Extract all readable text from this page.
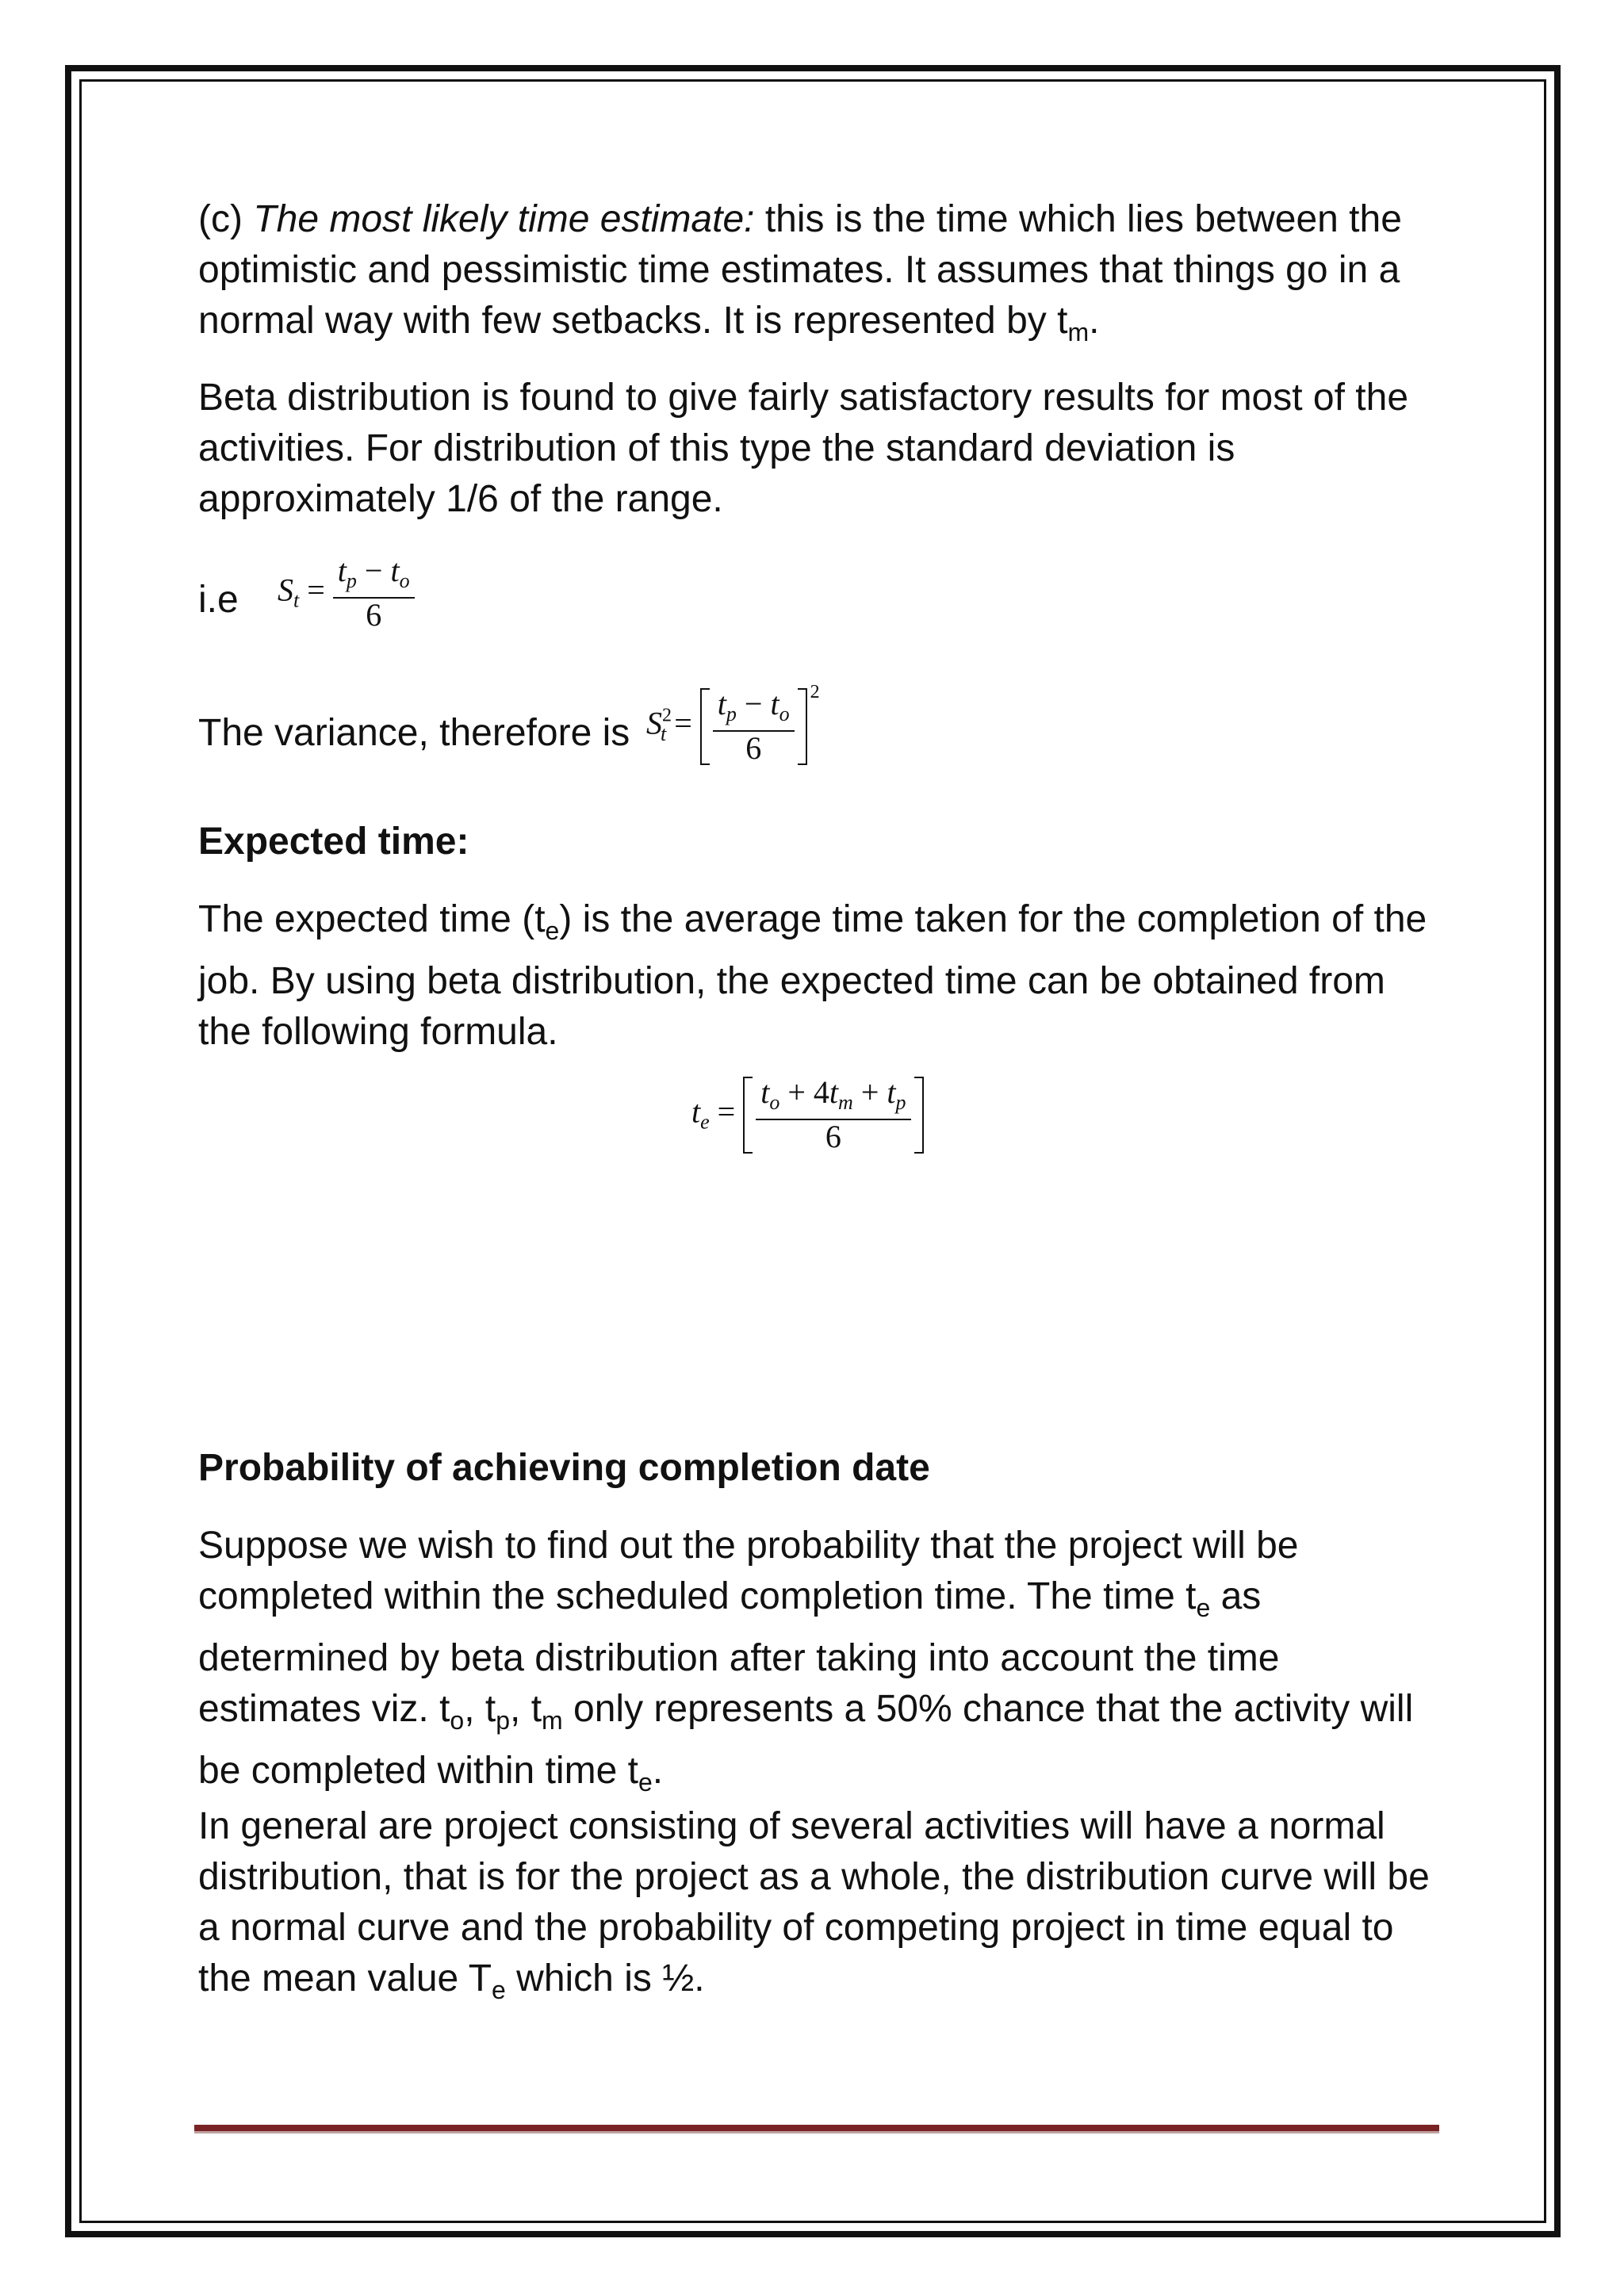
(c) The most likely time estimate: this is the time which lies between the optimistic and pessimistic time estimates. It assumes that things go in a normal way with few setbacks. It is represented by $t_m$.

Beta distribution is found to give fairly satisfactory results for most of the activities. For distribution of this type the standard deviation is approximately 1/6 of the range.

i.e $S_t = \frac{t_p - t_o}{6}$

The variance, therefore is $S^2_t = \frac{t_p - t_o}{6} ^2$

Expected time:

The expected time $(t_e)$ is the average time taken for the completion of the job. By using beta distribution, the expected time can be obtained from the following formula.

$t_e = \frac{t_o + 4t_m + t_p}{6}$

Probability of achieving completion date

Suppose we wish to find out the probability that the project will be completed within the scheduled completion time. The time $t_e$ as determined by beta distribution after taking into account the time estimates viz. $t_o$, $t_p$, $t_m$ only represents a 50% chance that the activity will be completed within time $t_e$.

In general are project consisting of several activities will have a normal distribution, that is for the project as a whole, the distribution curve will be a normal curve and the probability of competing project in time equal to the mean value $T_e$ which is ½.
